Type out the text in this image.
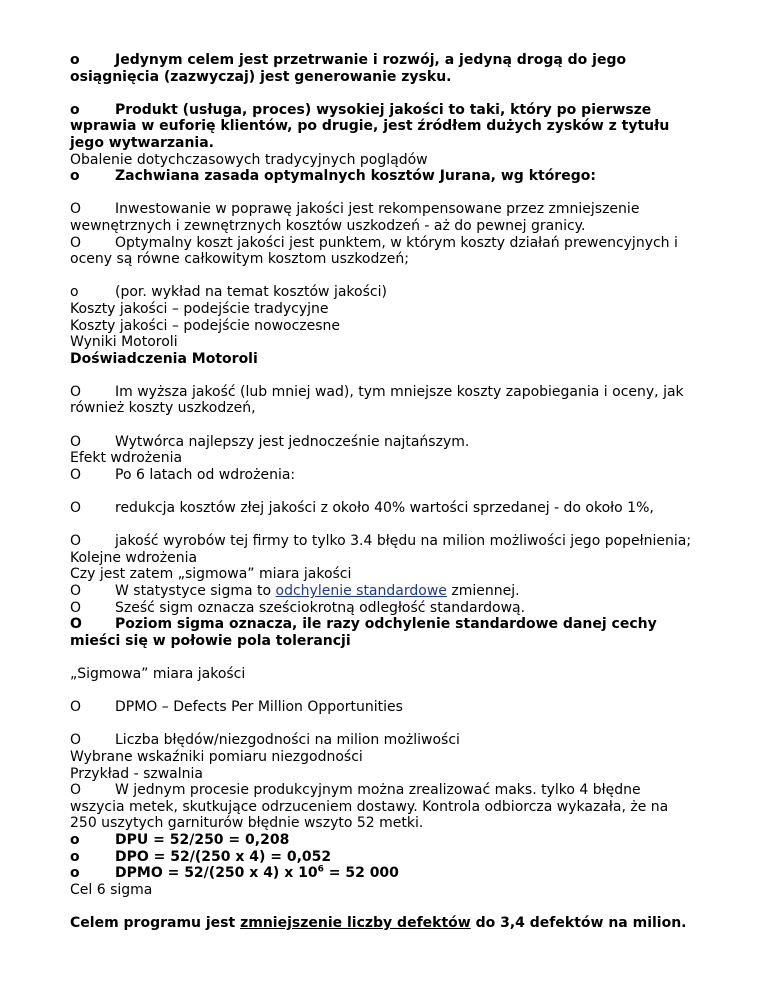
o	Jedynym celem jest przetrwanie i rozwój, a jedyną drogą do jego
osiągnięcia (zazwyczaj) jest generowanie zysku.
o	Produkt (usługa, proces) wysokiej jakości to taki, który po pierwsze
wprawia w euforię klientów, po drugie, jest źródłem dużych zysków z tytułu
jego wytwarzania.
Obalenie dotychczasowych tradycyjnych poglądów
o	Zachwiana zasada optymalnych kosztów Jurana, wg którego:
O Inwestowanie w poprawę jakości jest rekompensowane przez zmniejszenie
wewnętrznych i zewnętrznych kosztów uszkodzeń - aż do pewnej granicy.
O Optymalny koszt jakości jest punktem, w którym koszty działań prewencyjnych i
oceny są równe całkowitym kosztom uszkodzeń;
o	(por. wykład na temat kosztów jakości)
Koszty jakości – podejście tradycyjne
Koszty jakości – podejście nowoczesne
Wyniki Motoroli
Doświadczenia Motoroli
O Im wyższa jakość (lub mniej wad), tym mniejsze koszty zapobiegania i oceny, jak
również koszty uszkodzeń,
O Wytwórca najlepszy jest jednocześnie najtańszym.
Efekt wdrożenia
O Po 6 latach od wdrożenia:
O redukcja kosztów złej jakości z około 40% wartości sprzedanej - do około 1%,
O jakość wyrobów tej firmy to tylko 3.4 błędu na milion możliwości jego popełnienia;
Kolejne wdrożenia
Czy jest zatem „sigmowa” miara jakości
O W statystyce sigma to odchylenie standardowe zmiennej.
O Sześć sigm oznacza sześciokrotną odległość standardową.
O Poziom sigma oznacza, ile razy odchylenie standardowe danej cechy
mieści się w połowie pola tolerancji
„Sigmowa” miara jakości
O DPMO – Defects Per Million Opportunities
O Liczba błędów/niezgodności na milion możliwości
Wybrane wskaźniki pomiaru niezgodności
Przykład - szwalnia
O W jednym procesie produkcyjnym można zrealizować maks. tylko 4 błędne
wszycia metek, skutkujące odrzuceniem dostawy. Kontrola odbiorcza wykazała, że na
250 uszytych garniturów błędnie wszyto 52 metki.
o	DPU = 52/250 = 0,208
o	DPO = 52/(250 x 4) = 0,052
o	DPMO = 52/(250 x 4) x $10^6 = 52$ 000
Cel 6 sigma
Celem programu jest zmniejszenie liczby defektów do 3,4 defektów na milion.
